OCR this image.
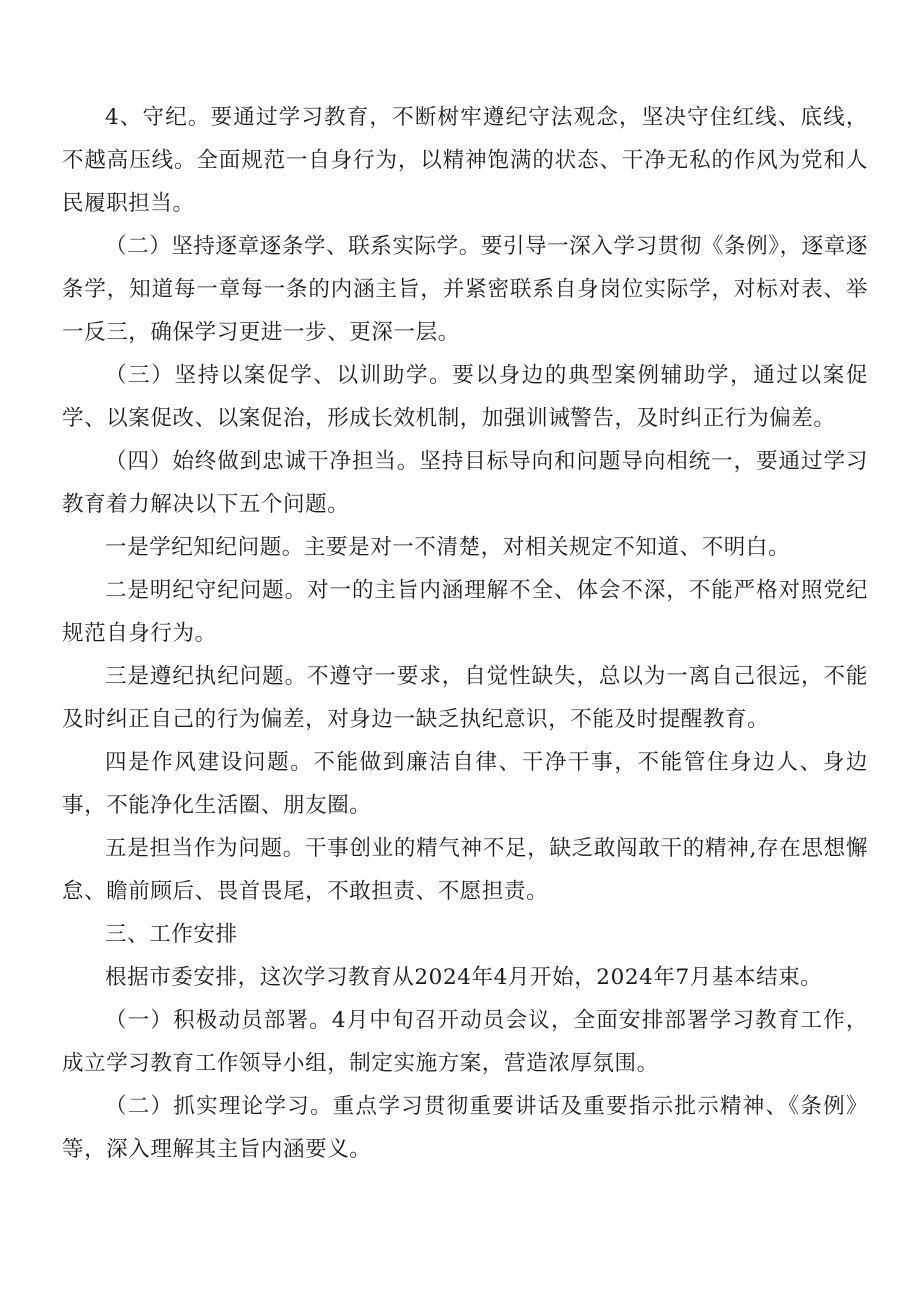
4、守纪。要通过学习教育，不断树牢遵纪守法观念，坚决守住红线、底线，不越高压线。全面规范一自身行为，以精神饱满的状态、干净无私的作风为党和人民履职担当。

（二）坚持逐章逐条学、联系实际学。要引导一深入学习贯彻《条例》，逐章逐条学，知道每一章每一条的内涵主旨，并紧密联系自身岗位实际学，对标对表、举一反三，确保学习更进一步、更深一层。

（三）坚持以案促学、以训助学。要以身边的典型案例辅助学，通过以案促学、以案促改、以案促治，形成长效机制，加强训诫警告，及时纠正行为偏差。

（四）始终做到忠诚干净担当。坚持目标导向和问题导向相统一，要通过学习教育着力解决以下五个问题。

一是学纪知纪问题。主要是对一不清楚，对相关规定不知道、不明白。

二是明纪守纪问题。对一的主旨内涵理解不全、体会不深，不能严格对照党纪规范自身行为。

三是遵纪执纪问题。不遵守一要求，自觉性缺失，总以为一离自己很远，不能及时纠正自己的行为偏差，对身边一缺乏执纪意识，不能及时提醒教育。

四是作风建设问题。不能做到廉洁自律、干净干事，不能管住身边人、身边事，不能净化生活圈、朋友圈。

五是担当作为问题。干事创业的精气神不足，缺乏敢闯敢干的精神,存在思想懈怠、瞻前顾后、畏首畏尾，不敢担责、不愿担责。

三、工作安排

根据市委安排，这次学习教育从2024年4月开始，2024年7月基本结束。

（一）积极动员部署。4月中旬召开动员会议，全面安排部署学习教育工作，成立学习教育工作领导小组，制定实施方案，营造浓厚氛围。

（二）抓实理论学习。重点学习贯彻重要讲话及重要指示批示精神、《条例》等，深入理解其主旨内涵要义。
